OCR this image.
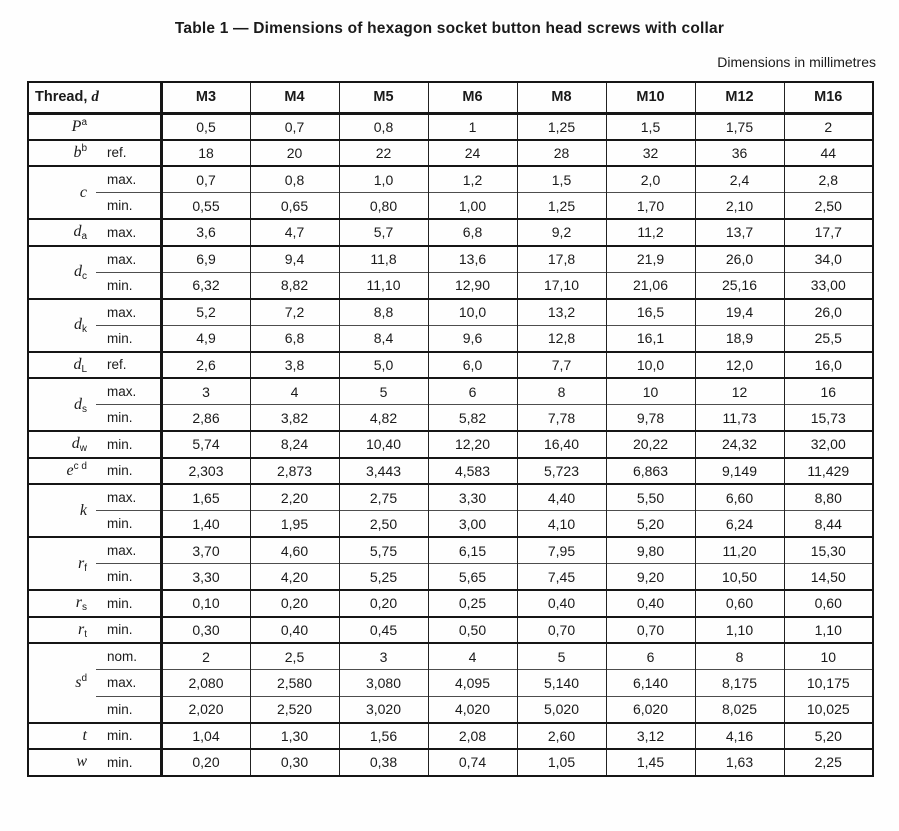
Table 1 — Dimensions of hexagon socket button head screws with collar
Dimensions in millimetres
Thread, d		M3	M4	M5	M6	M8	M10	M12	M16
$P^a$		0,5	0,7	0,8	1	1,25	1,5	1,75	2
$b^b$	ref.	18	20	22	24	28	32	36	44
c	max.	0,7	0,8	1,0	1,2	1,5	2,0	2,4	2,8
	min.	0,55	0,65	0,80	1,00	1,25	1,70	2,10	2,50
$d_a$	max.	3,6	4,7	5,7	6,8	9,2	11,2	13,7	17,7
$d_c$	max.	6,9	9,4	11,8	13,6	17,8	21,9	26,0	34,0
	min.	6,32	8,82	11,10	12,90	17,10	21,06	25,16	33,00
$d_k$	max.	5,2	7,2	8,8	10,0	13,2	16,5	19,4	26,0
	min.	4,9	6,8	8,4	9,6	12,8	16,1	18,9	25,5
$d_L$	ref.	2,6	3,8	5,0	6,0	7,7	10,0	12,0	16,0
$d_s$	max.	3	4	5	6	8	10	12	16
	min.	2,86	3,82	4,82	5,82	7,78	9,78	11,73	15,73
$d_w$	min.	5,74	8,24	10,40	12,20	16,40	20,22	24,32	32,00
$e^{c d}$	min.	2,303	2,873	3,443	4,583	5,723	6,863	9,149	11,429
k	max.	1,65	2,20	2,75	3,30	4,40	5,50	6,60	8,80
	min.	1,40	1,95	2,50	3,00	4,10	5,20	6,24	8,44
$r_f$	max.	3,70	4,60	5,75	6,15	7,95	9,80	11,20	15,30
	min.	3,30	4,20	5,25	5,65	7,45	9,20	10,50	14,50
$r_s$	min.	0,10	0,20	0,20	0,25	0,40	0,40	0,60	0,60
$r_t$	min.	0,30	0,40	0,45	0,50	0,70	0,70	1,10	1,10
$s^d$	nom.	2	2,5	3	4	5	6	8	10
	max.	2,080	2,580	3,080	4,095	5,140	6,140	8,175	10,175
	min.	2,020	2,520	3,020	4,020	5,020	6,020	8,025	10,025
t	min.	1,04	1,30	1,56	2,08	2,60	3,12	4,16	5,20
w	min.	0,20	0,30	0,38	0,74	1,05	1,45	1,63	2,25
